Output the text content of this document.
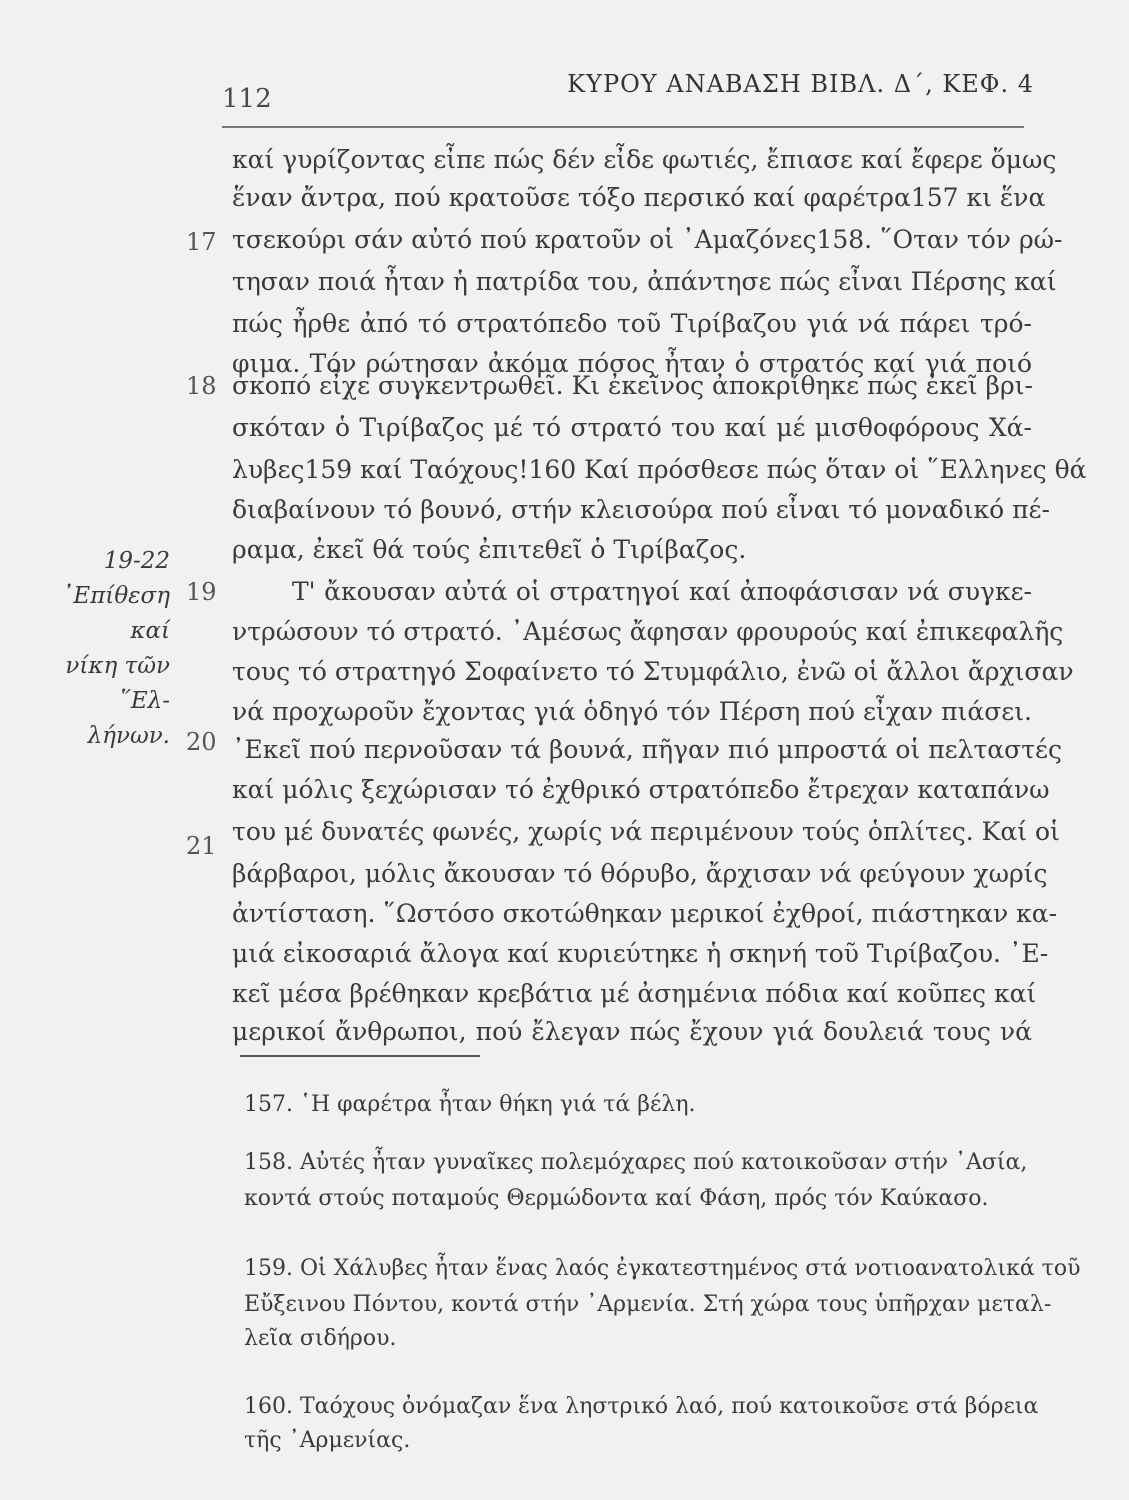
112	ΚΥΡΟΥ ΑΝΑΒΑΣΗ ΒΙΒΛ. Δ΄, ΚΕΦ. 4
19-22
᾿Επίθεση καί
νίκη τῶν ῞Ελ-
λήνων.
17
18
19
20
21
καί γυρίζοντας εἶπε πώς δέν εἶδε φωτιές, ἔπιασε καί ἔφερε ὅμως
ἕναν ἄντρα, πού κρατοῦσε τόξο περσικό καί φαρέτρα157 κι ἕνα
τσεκούρι σάν αὐτό πού κρατοῦν οἱ ᾿Αμαζόνες158. ῞Οταν τόν ρώ-
τησαν ποιά ἦταν ἡ πατρίδα του, ἀπάντησε πώς εἶναι Πέρσης καί
πώς ἦρθε ἀπό τό στρατόπεδο τοῦ Τιρίβαζου γιά νά πάρει τρό-
φιμα. Τόν ρώτησαν ἀκόμα πόσος ἦταν ὁ στρατός καί γιά ποιό
σκοπό εἶχε συγκεντρωθεῖ. Κι ἐκεῖνος ἀποκρίθηκε πώς ἐκεῖ βρι-
σκόταν ὁ Τιρίβαζος μέ τό στρατό του καί μέ μισθοφόρους Χά-
λυβες159 καί Ταόχους!160 Καί πρόσθεσε πώς ὅταν οἱ ῞Ελληνες θά
διαβαίνουν τό βουνό, στήν κλεισούρα πού εἶναι τό μοναδικό πέ-
ραμα, ἐκεῖ θά τούς ἐπιτεθεῖ ὁ Τιρίβαζος.
Τ' ἄκουσαν αὐτά οἱ στρατηγοί καί ἀποφάσισαν νά συγκε-
ντρώσουν τό στρατό. ᾿Αμέσως ἄφησαν φρουρούς καί ἐπικεφαλῆς
τους τό στρατηγό Σοφαίνετο τό Στυμφάλιο, ἐνῶ οἱ ἄλλοι ἄρχισαν
νά προχωροῦν ἔχοντας γιά ὁδηγό τόν Πέρση πού εἶχαν πιάσει.
᾿Εκεῖ πού περνοῦσαν τά βουνά, πῆγαν πιό μπροστά οἱ πελταστές
καί μόλις ξεχώρισαν τό ἐχθρικό στρατόπεδο ἔτρεχαν καταπάνω
του μέ δυνατές φωνές, χωρίς νά περιμένουν τούς ὁπλίτες. Καί οἱ
βάρβαροι, μόλις ἄκουσαν τό θόρυβο, ἄρχισαν νά φεύγουν χωρίς
ἀντίσταση. ῞Ωστόσο σκοτώθηκαν μερικοί ἐχθροί, πιάστηκαν κα-
μιά εἰκοσαριά ἄλογα καί κυριεύτηκε ἡ σκηνή τοῦ Τιρίβαζου. ᾿Ε-
κεῖ μέσα βρέθηκαν κρεβάτια μέ ἀσημένια πόδια καί κοῦπες καί
μερικοί ἄνθρωποι, πού ἔλεγαν πώς ἔχουν γιά δουλειά τους νά
157. ῾Η φαρέτρα ἦταν θήκη γιά τά βέλη.
158. Αὐτές ἦταν γυναῖκες πολεμόχαρες πού κατοικοῦσαν στήν ᾿Ασία,
κοντά στούς ποταμούς Θερμώδοντα καί Φάση, πρός τόν Καύκασο.
159. Οἱ Χάλυβες ἦταν ἕνας λαός ἐγκατεστημένος στά νοτιοανατολικά τοῦ
Εὔξεινου Πόντου, κοντά στήν ᾿Αρμενία. Στή χώρα τους ὑπῆρχαν μεταλ-
λεῖα σιδήρου.
160. Ταόχους ὀνόμαζαν ἕνα ληστρικό λαό, πού κατοικοῦσε στά βόρεια
τῆς ᾿Αρμενίας.
